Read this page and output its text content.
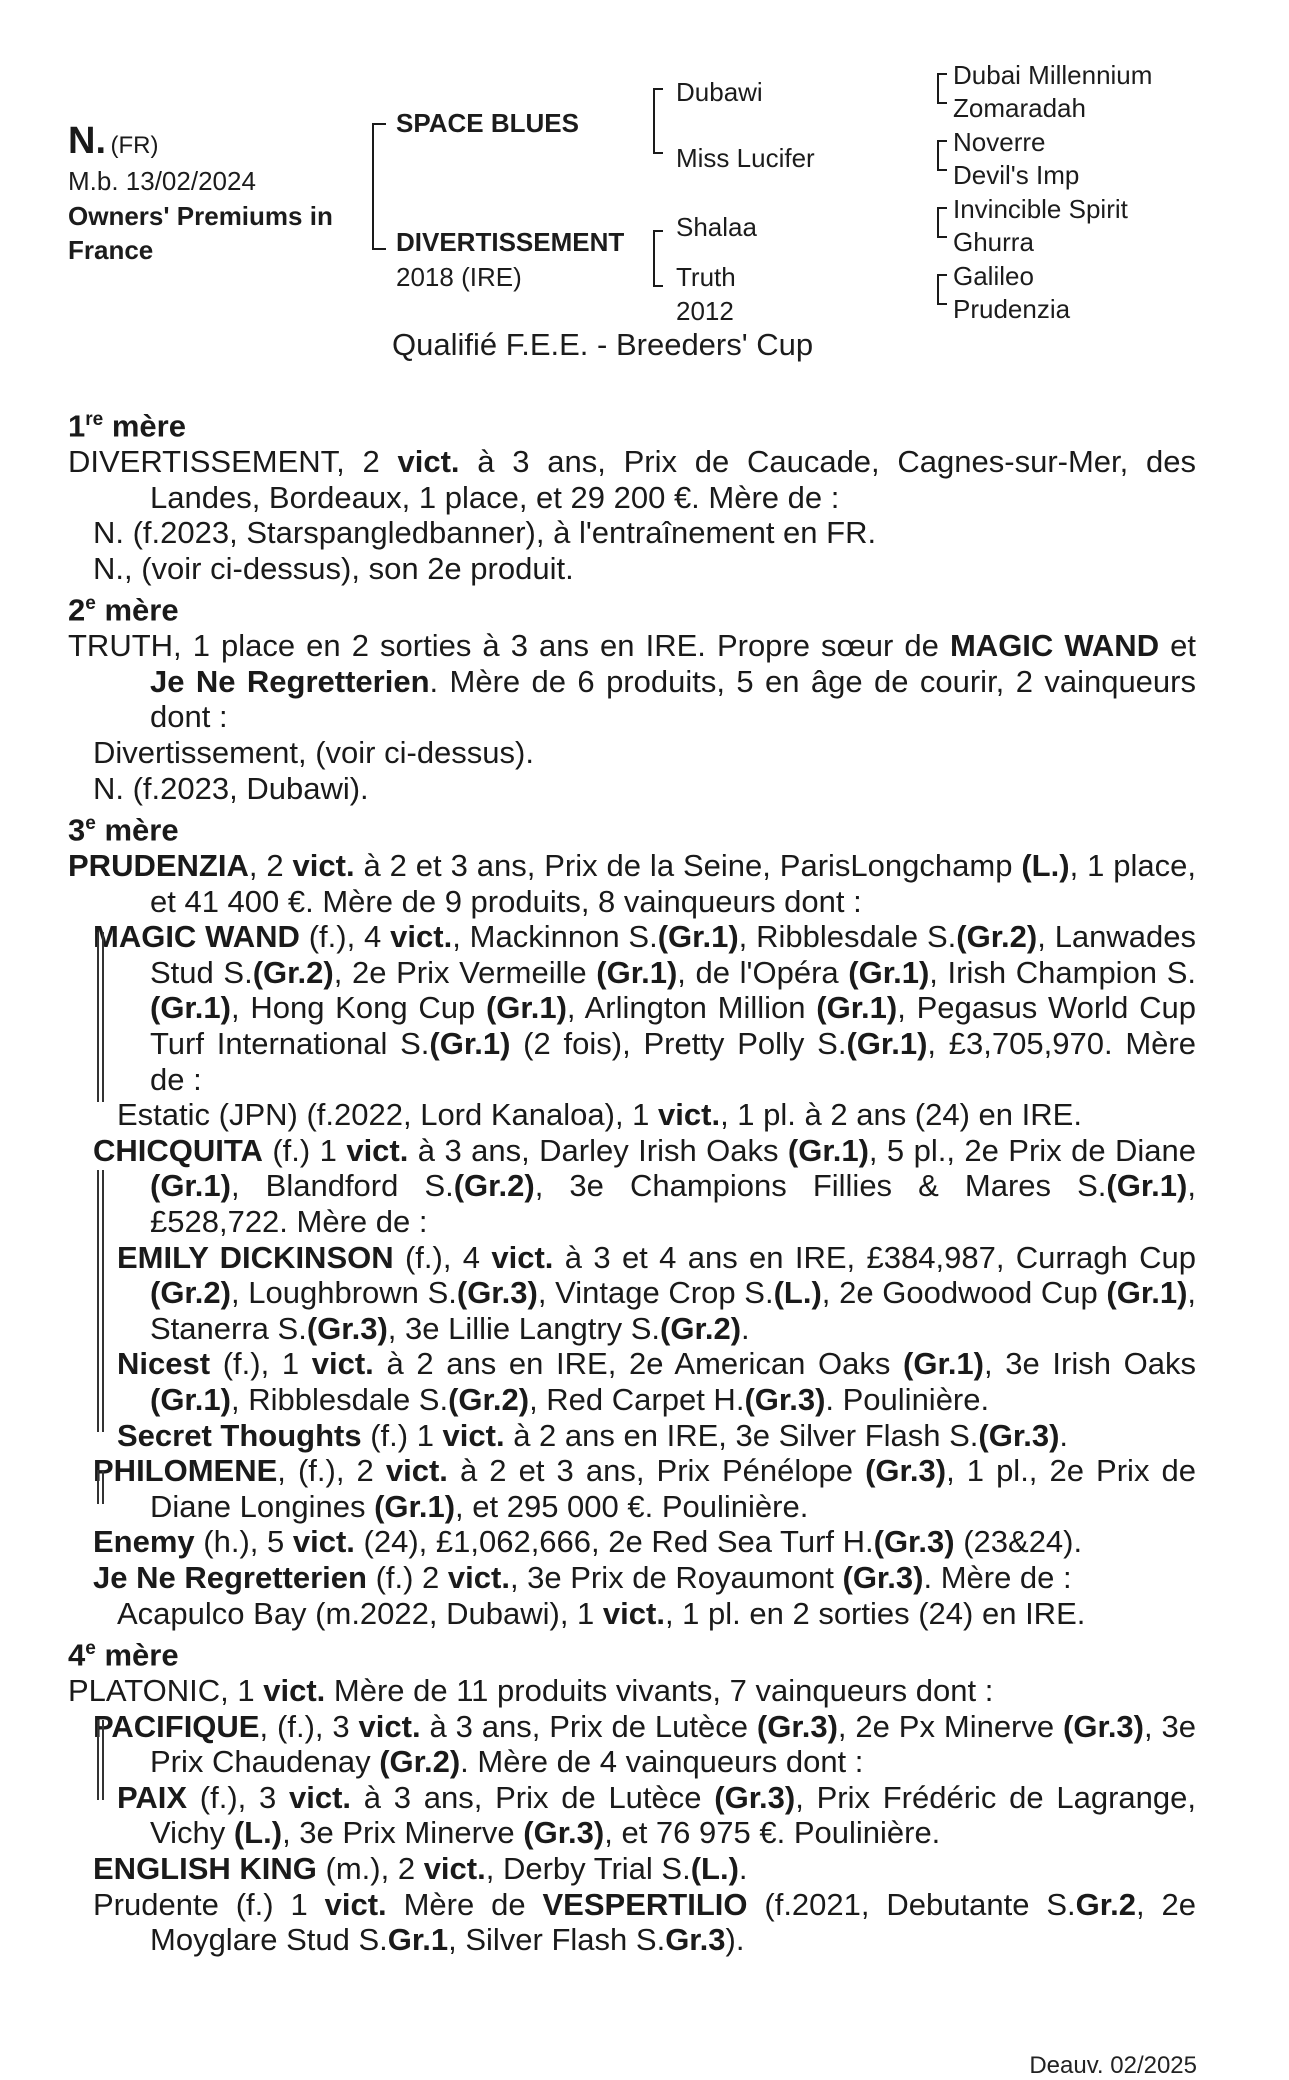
N. (FR)
M.b. 13/02/2024
Owners' Premiums in
France
SPACE BLUES
DIVERTISSEMENT
2018 (IRE)
Dubawi
Miss Lucifer
Shalaa
Truth
2012
Dubai Millennium
Zomaradah
Noverre
Devil's Imp
Invincible Spirit
Ghurra
Galileo
Prudenzia
Qualifié F.E.E. - Breeders' Cup
1re mère
DIVERTISSEMENT, 2 vict. à 3 ans, Prix de Caucade, Cagnes-sur-Mer, des Landes, Bordeaux, 1 place, et 29 200 €. Mère de :
N. (f.2023, Starspangledbanner), à l'entraînement en FR.
N., (voir ci-dessus), son 2e produit.
2e mère
TRUTH, 1 place en 2 sorties à 3 ans en IRE. Propre sœur de MAGIC WAND et Je Ne Regretterien. Mère de 6 produits, 5 en âge de courir, 2 vainqueurs dont :
Divertissement, (voir ci-dessus).
N. (f.2023, Dubawi).
3e mère
PRUDENZIA, 2 vict. à 2 et 3 ans, Prix de la Seine, ParisLongchamp (L.), 1 place, et 41 400 €. Mère de 9 produits, 8 vainqueurs dont :
MAGIC WAND (f.), 4 vict., Mackinnon S.(Gr.1), Ribblesdale S.(Gr.2), Lanwades Stud S.(Gr.2), 2e Prix Vermeille (Gr.1), de l'Opéra (Gr.1), Irish Champion S.(Gr.1), Hong Kong Cup (Gr.1), Arlington Million (Gr.1), Pegasus World Cup Turf International S.(Gr.1) (2 fois), Pretty Polly S.(Gr.1), £3,705,970. Mère de :
Estatic (JPN) (f.2022, Lord Kanaloa), 1 vict., 1 pl. à 2 ans (24) en IRE.
CHICQUITA (f.) 1 vict. à 3 ans, Darley Irish Oaks (Gr.1), 5 pl., 2e Prix de Diane (Gr.1), Blandford S.(Gr.2), 3e Champions Fillies & Mares S.(Gr.1), £528,722. Mère de :
EMILY DICKINSON (f.), 4 vict. à 3 et 4 ans en IRE, £384,987, Curragh Cup (Gr.2), Loughbrown S.(Gr.3), Vintage Crop S.(L.), 2e Goodwood Cup (Gr.1), Stanerra S.(Gr.3), 3e Lillie Langtry S.(Gr.2).
Nicest (f.), 1 vict. à 2 ans en IRE, 2e American Oaks (Gr.1), 3e Irish Oaks (Gr.1), Ribblesdale S.(Gr.2), Red Carpet H.(Gr.3). Poulinière.
Secret Thoughts (f.) 1 vict. à 2 ans en IRE, 3e Silver Flash S.(Gr.3).
PHILOMENE, (f.), 2 vict. à 2 et 3 ans, Prix Pénélope (Gr.3), 1 pl., 2e Prix de Diane Longines (Gr.1), et 295 000 €. Poulinière.
Enemy (h.), 5 vict. (24), £1,062,666, 2e Red Sea Turf H.(Gr.3) (23&24).
Je Ne Regretterien (f.) 2 vict., 3e Prix de Royaumont (Gr.3). Mère de :
Acapulco Bay (m.2022, Dubawi), 1 vict., 1 pl. en 2 sorties (24) en IRE.
4e mère
PLATONIC, 1 vict. Mère de 11 produits vivants, 7 vainqueurs dont :
PACIFIQUE, (f.), 3 vict. à 3 ans, Prix de Lutèce (Gr.3), 2e Px Minerve (Gr.3), 3e Prix Chaudenay (Gr.2). Mère de 4 vainqueurs dont :
PAIX (f.), 3 vict. à 3 ans, Prix de Lutèce (Gr.3), Prix Frédéric de Lagrange, Vichy (L.), 3e Prix Minerve (Gr.3), et 76 975 €. Poulinière.
ENGLISH KING (m.), 2 vict., Derby Trial S.(L.).
Prudente (f.) 1 vict. Mère de VESPERTILIO (f.2021, Debutante S.Gr.2, 2e Moyglare Stud S.Gr.1, Silver Flash S.Gr.3).
Deauv. 02/2025
